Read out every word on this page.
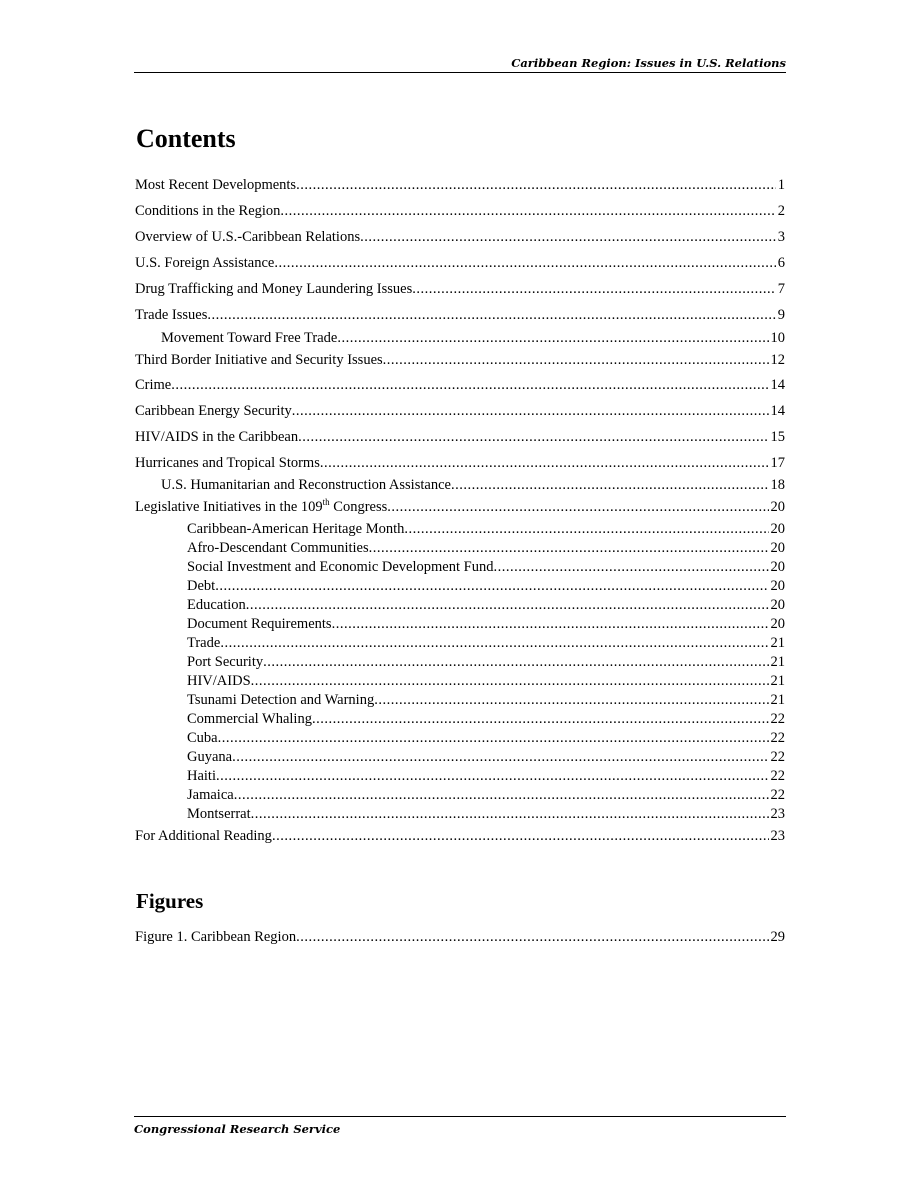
Caribbean Region: Issues in U.S. Relations
Contents
Most Recent Developments .....	1
Conditions in the Region .....	2
Overview of U.S.-Caribbean Relations .....	3
U.S. Foreign Assistance .....	6
Drug Trafficking and Money Laundering Issues .....	7
Trade Issues .....	9
Movement Toward Free Trade .....	10
Third Border Initiative and Security Issues .....	12
Crime .....	14
Caribbean Energy Security .....	14
HIV/AIDS in the Caribbean .....	15
Hurricanes and Tropical Storms .....	17
U.S. Humanitarian and Reconstruction Assistance .....	18
Legislative Initiatives in the 109th Congress .....	20
Caribbean-American Heritage Month .....	20
Afro-Descendant Communities .....	20
Social Investment and Economic Development Fund .....	20
Debt .....	20
Education .....	20
Document Requirements .....	20
Trade .....	21
Port Security .....	21
HIV/AIDS .....	21
Tsunami Detection and Warning .....	21
Commercial Whaling .....	22
Cuba .....	22
Guyana .....	22
Haiti .....	22
Jamaica .....	22
Montserrat .....	23
For Additional Reading .....	23
Figures
Figure 1. Caribbean Region .....	29
Congressional Research Service
